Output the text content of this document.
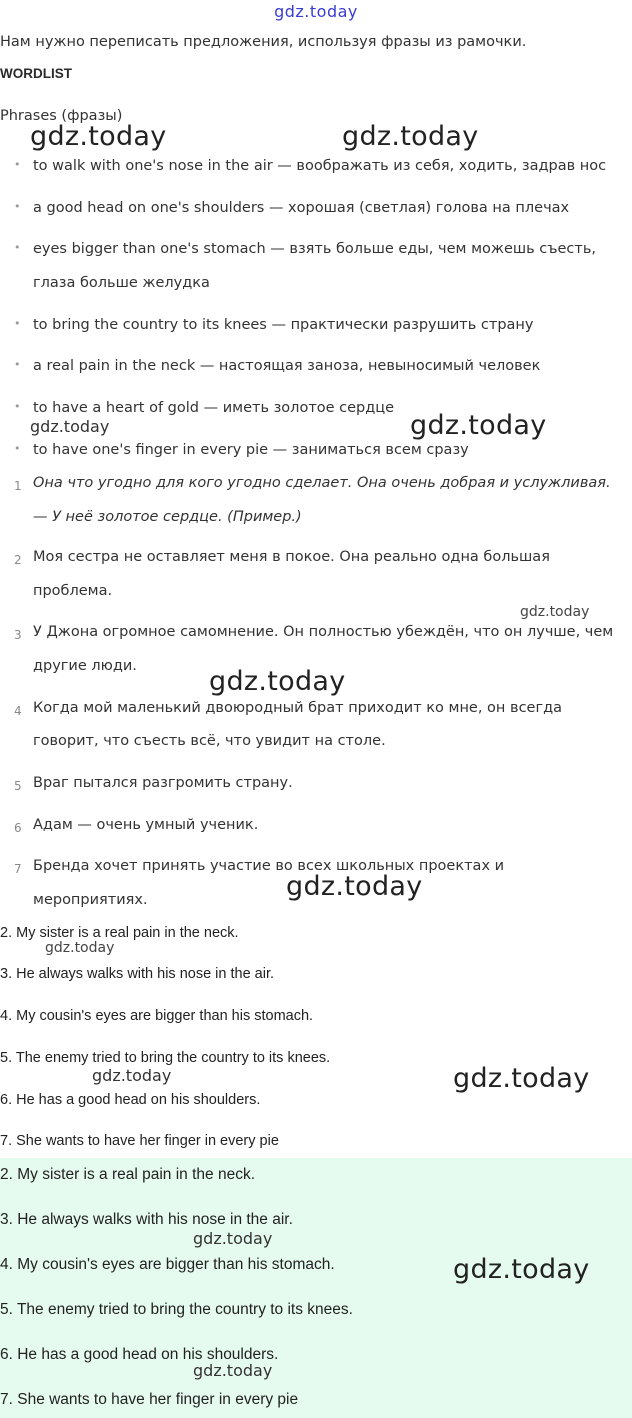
gdz.today
Нам нужно переписать предложения, используя фразы из рамочки.
WORDLIST
Phrases (фразы)
• to walk with one's nose in the air — воображать из себя, ходить, задрав нос
• a good head on one's shoulders — хорошая (светлая) голова на плечах
• eyes bigger than one's stomach — взять больше еды, чем можешь съесть,
глаза больше желудка
• to bring the country to its knees — практически разрушить страну
• a real pain in the neck — настоящая заноза, невыносимый человек
• to have a heart of gold — иметь золотое сердце
• to have one's finger in every pie — заниматься всем сразу
1 Она что угодно для кого угодно сделает. Она очень добрая и услужливая.
— У неё золотое сердце. (Пример.)
2 Моя сестра не оставляет меня в покое. Она реально одна большая
проблема.
3 У Джона огромное самомнение. Он полностью убеждён, что он лучше, чем
другие люди.
4 Когда мой маленький двоюродный брат приходит ко мне, он всегда
говорит, что съесть всё, что увидит на столе.
5 Враг пытался разгромить страну.
6 Адам — очень умный ученик.
7 Бренда хочет принять участие во всех школьных проектах и
мероприятиях.
2. My sister is a real pain in the neck.
3. He always walks with his nose in the air.
4. My cousin's eyes are bigger than his stomach.
5. The enemy tried to bring the country to its knees.
6. He has a good head on his shoulders.
7. She wants to have her finger in every pie
2. My sister is a real pain in the neck.
3. He always walks with his nose in the air.
4. My cousin's eyes are bigger than his stomach.
5. The enemy tried to bring the country to its knees.
6. He has a good head on his shoulders.
7. She wants to have her finger in every pie
gdz.today	gdz.today
gdz.today	gdz.today
gdz.today
gdz.today
gdz.today
gdz.today
gdz.today	gdz.today
gdz.today
gdz.today
gdz.today
